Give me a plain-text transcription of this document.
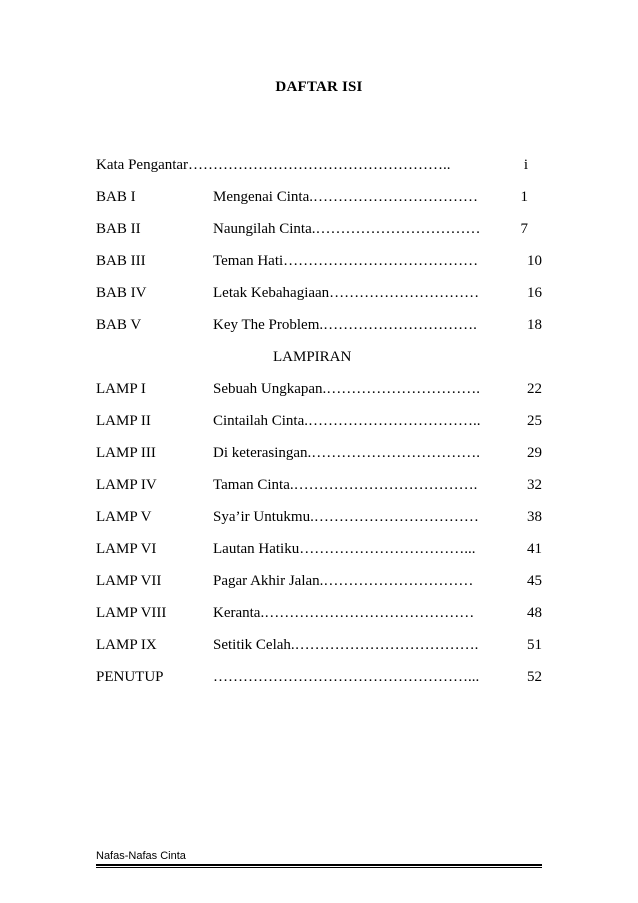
DAFTAR ISI
Kata Pengantar……………………………………………..	i
BAB I	Mengenai Cinta.……………………………	1
BAB II	Naungilah Cinta.……………………………	7
BAB III	Teman Hati…………………………………	10
BAB IV	Letak Kebahagiaan…………………………	16
BAB V	Key The Problem.………………………….	18
LAMPIRAN
LAMP I	Sebuah Ungkapan.………………………….	22
LAMP II	Cintailah Cinta.……………………………..	25
LAMP III	Di keterasingan.…………………………….	29
LAMP IV	Taman Cinta.……………………………….	32
LAMP V	Sya’ir Untukmu.……………………………	38
LAMP VI	Lautan Hatiku……………………………...	41
LAMP VII	Pagar Akhir Jalan.…………………………	45
LAMP VIII	Keranta.……………………………………	48
LAMP IX	Setitik Celah.……………………………….	51
PENUTUP	……………………………………………...	52
Nafas-Nafas Cinta
